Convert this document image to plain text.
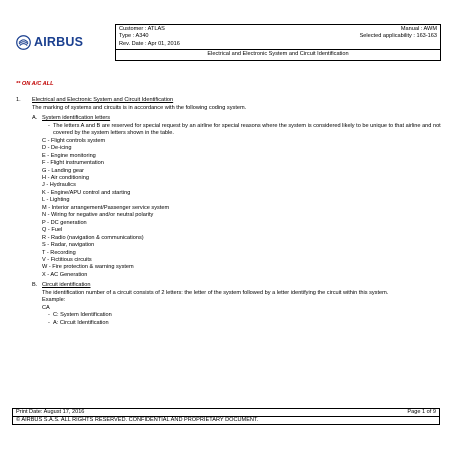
AIRBUS
Customer : ATLAS
Type : A340
Rev. Date : Apr 01, 2016
Manual : AWM
Selected applicability : 163-163
Electrical and Electronic System and Circuit Identification
** ON A/C ALL
1.	Electrical and Electronic System and Circuit Identification
The marking of systems and circuits is in accordance with the following coding system.
A. System identification letters
- The letters A and B are reserved for special request by an airline for special reasons where the system is considered likely to be unique to that airline and not covered by the system letters shown in the table.
C - Flight controls system
D - De-icing
E - Engine monitoring
F - Flight instrumentation
G - Landing gear
H - Air conditioning
J - Hydraulics
K - Engine/APU control and starting
L - Lighting
M - Interior arrangement/Passenger service system
N - Wiring for negative and/or neutral polarity
P - DC generation
Q - Fuel
R - Radio (navigation & communications)
S - Radar, navigation
T - Recording
V - Fictitious circuits
W - Fire protection & warning system
X - AC Generation
B. Circuit identification
The identification number of a circuit consists of 2 letters: the letter of the system followed by a letter identifying the circuit within this system.
Example:
CA
- C: System Identification
- A: Circuit Identification
Print Date: August 17, 2016	Page 1 of 9
© AIRBUS S.A.S. ALL RIGHTS RESERVED. CONFIDENTIAL AND PROPRIETARY DOCUMENT.
